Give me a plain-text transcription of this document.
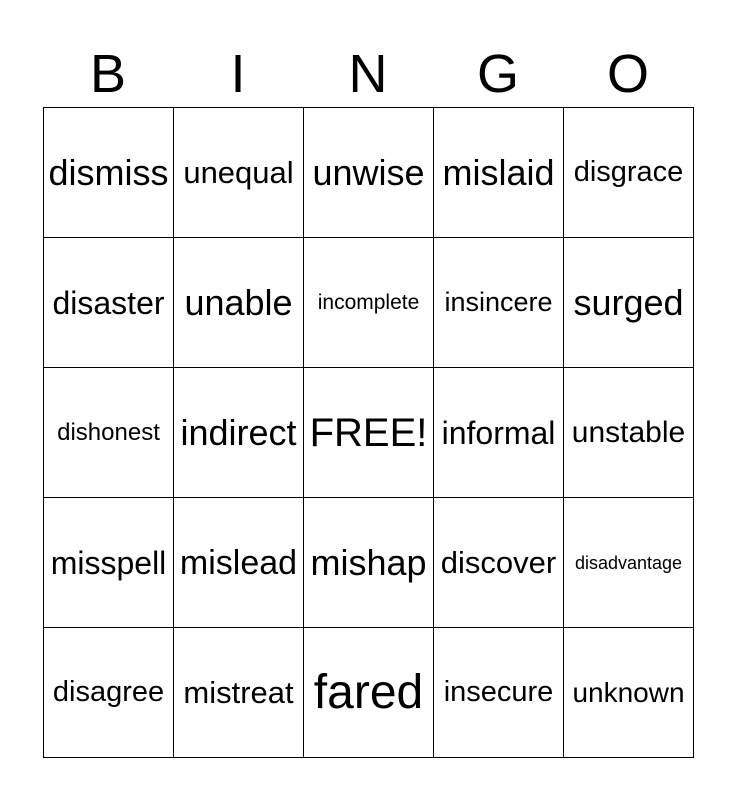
B	I	N	G	O
dismiss	unequal	unwise	mislaid	disgrace
disaster	unable	incomplete	insincere	surged
dishonest	indirect	FREE!	informal	unstable
misspell	mislead	mishap	discover	disadvantage
disagree	mistreat	fared	insecure	unknown
